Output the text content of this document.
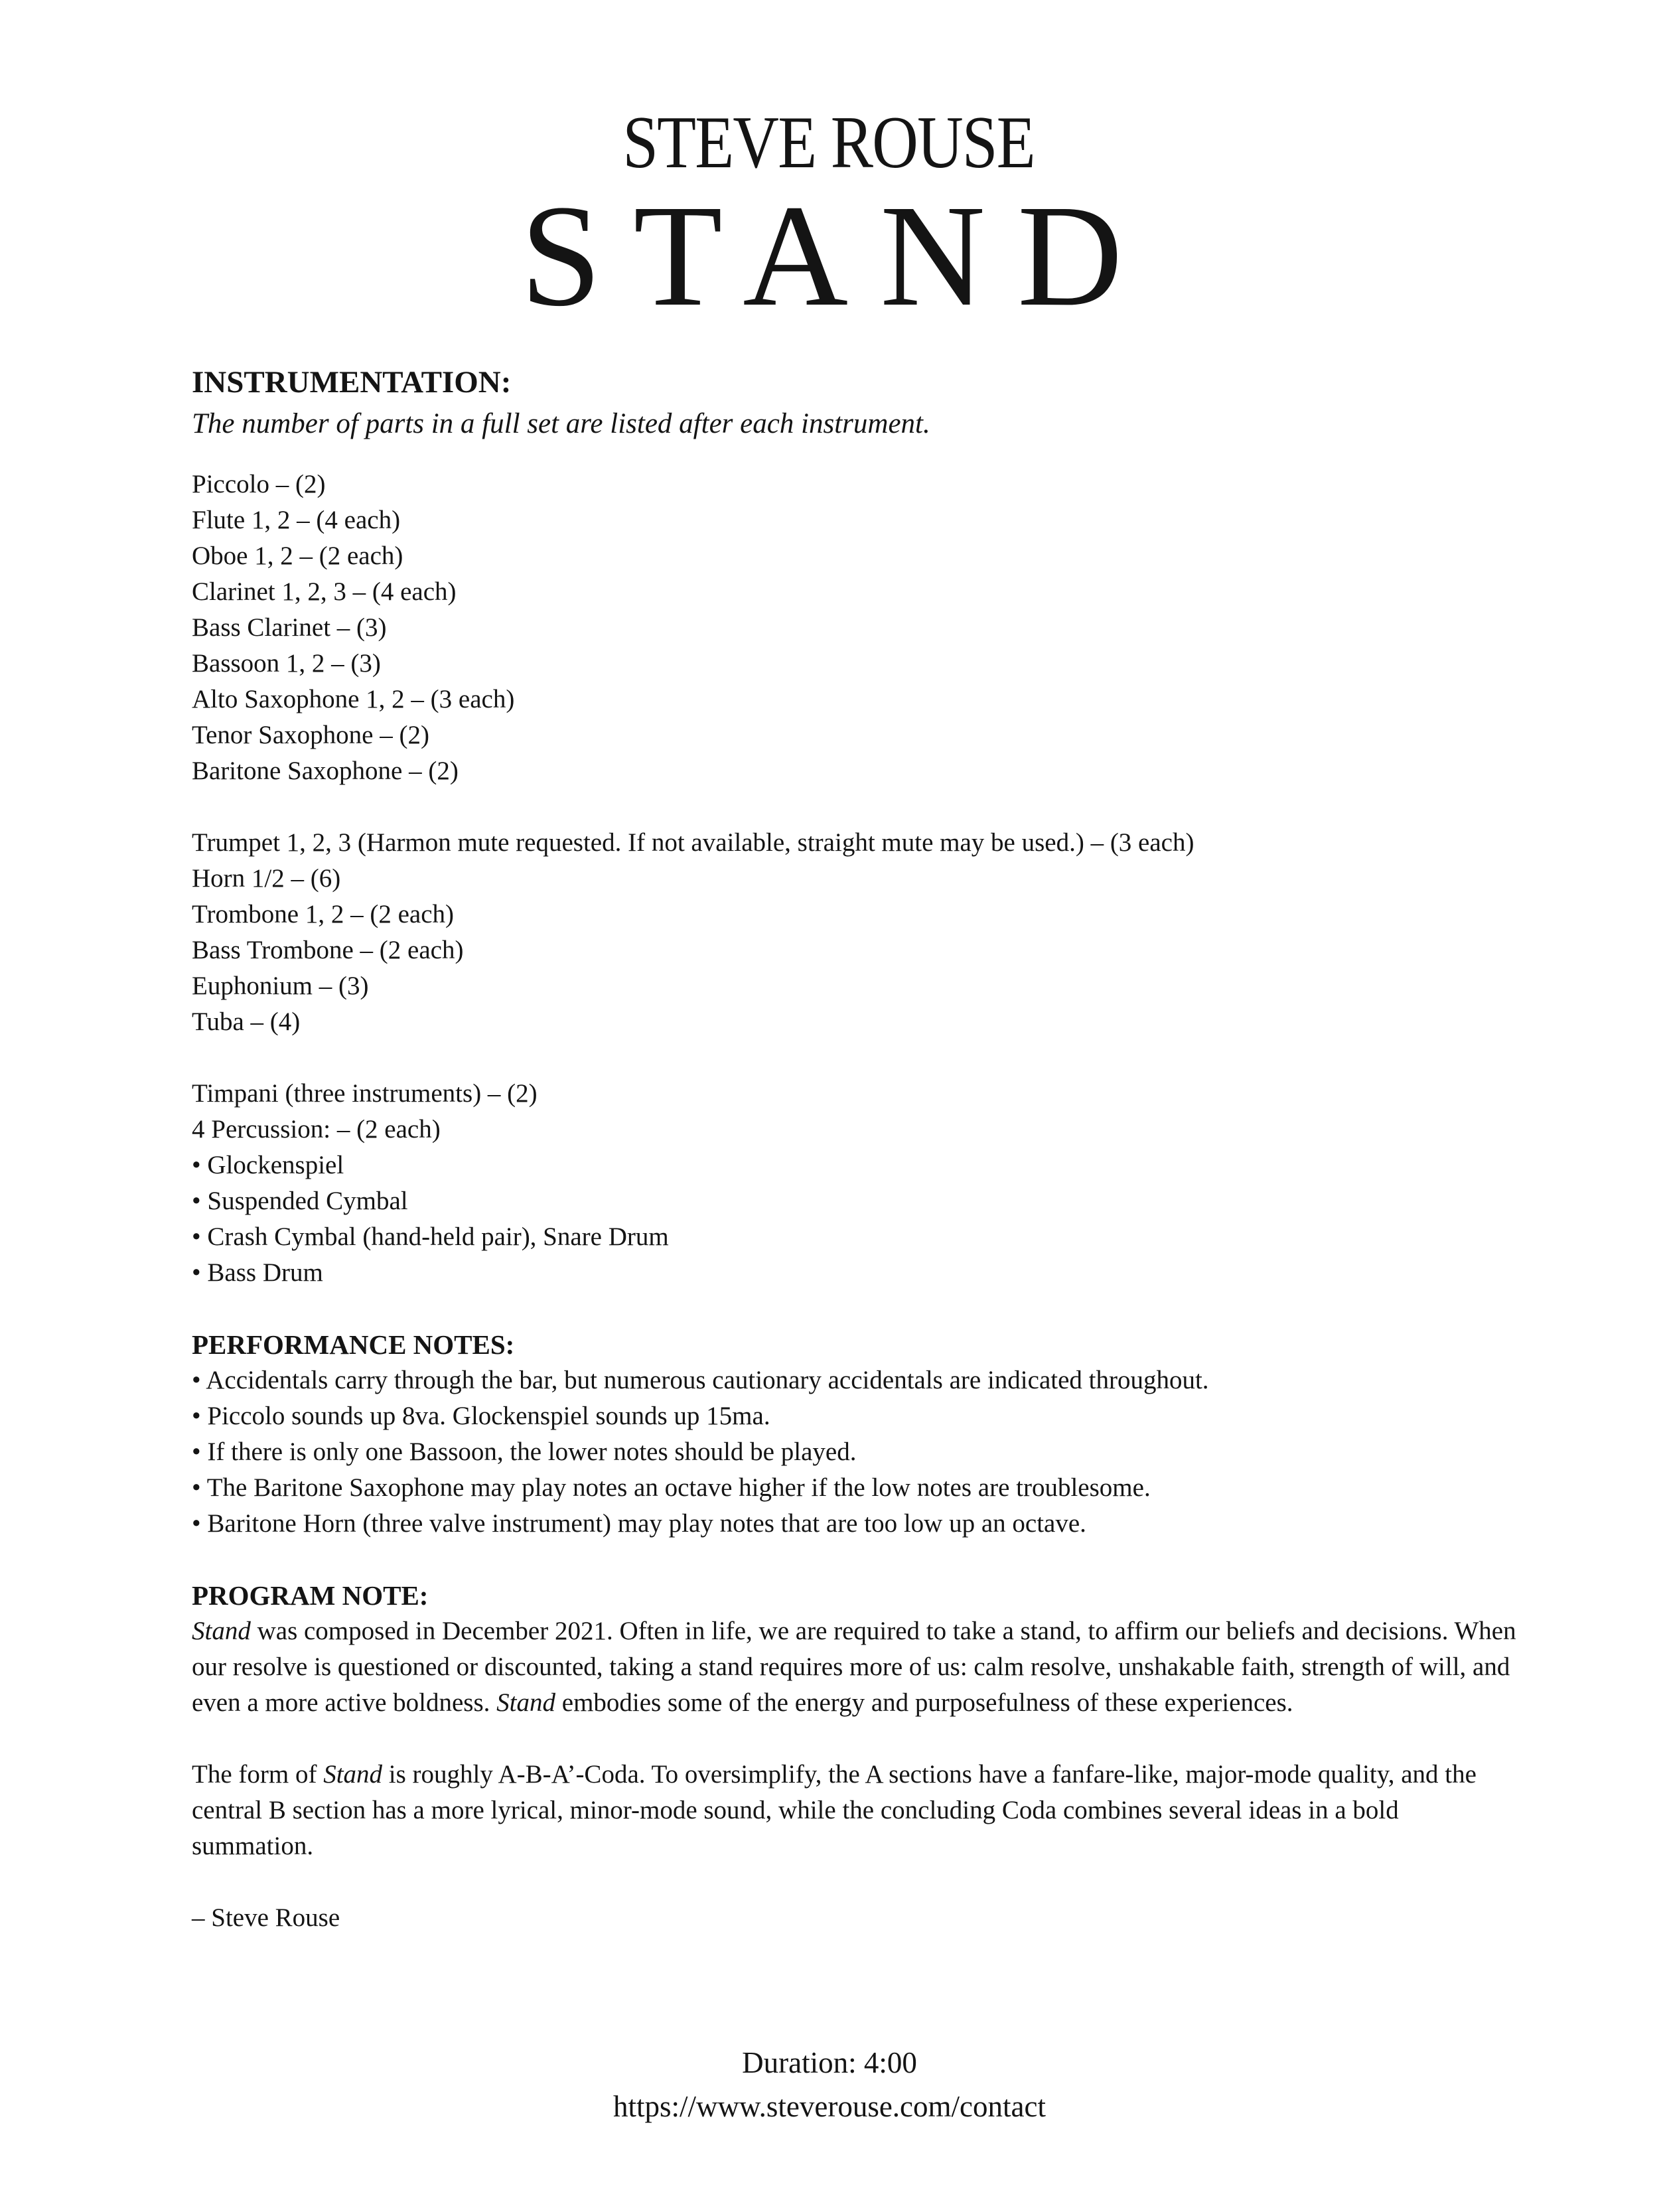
STEVE ROUSE
STAND
INSTRUMENTATION:
The number of parts in a full set are listed after each instrument.
Piccolo – (2)
Flute 1, 2 – (4 each)
Oboe 1, 2 – (2 each)
Clarinet 1, 2, 3 – (4 each)
Bass Clarinet – (3)
Bassoon 1, 2 – (3)
Alto Saxophone 1, 2 – (3 each)
Tenor Saxophone – (2)
Baritone Saxophone – (2)
Trumpet 1, 2, 3 (Harmon mute requested. If not available, straight mute may be used.) – (3 each)
Horn 1/2 – (6)
Trombone 1, 2 – (2 each)
Bass Trombone – (2 each)
Euphonium – (3)
Tuba – (4)
Timpani (three instruments) – (2)
4 Percussion: – (2 each)
• Glockenspiel
• Suspended Cymbal
• Crash Cymbal (hand-held pair), Snare Drum
• Bass Drum
PERFORMANCE NOTES:
• Accidentals carry through the bar, but numerous cautionary accidentals are indicated throughout.
• Piccolo sounds up 8va. Glockenspiel sounds up 15ma.
• If there is only one Bassoon, the lower notes should be played.
• The Baritone Saxophone may play notes an octave higher if the low notes are troublesome.
• Baritone Horn (three valve instrument) may play notes that are too low up an octave.
PROGRAM NOTE:
Stand was composed in December 2021. Often in life, we are required to take a stand, to affirm our beliefs and decisions. When our resolve is questioned or discounted, taking a stand requires more of us: calm resolve, unshakable faith, strength of will, and even a more active boldness. Stand embodies some of the energy and purposefulness of these experiences.
The form of Stand is roughly A-B-A’-Coda. To oversimplify, the A sections have a fanfare-like, major-mode quality, and the central B section has a more lyrical, minor-mode sound, while the concluding Coda combines several ideas in a bold summation.
– Steve Rouse
Duration: 4:00
https://www.steverouse.com/contact
